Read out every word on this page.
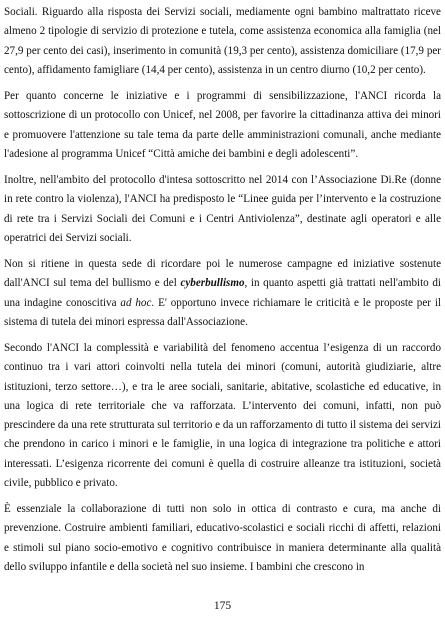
Sociali. Riguardo alla risposta dei Servizi sociali, mediamente ogni bambino maltrattato riceve almeno 2 tipologie di servizio di protezione e tutela, come assistenza economica alla famiglia (nel 27,9 per cento dei casi), inserimento in comunità (19,3 per cento), assistenza domiciliare (17,9 per cento), affidamento famigliare (14,4 per cento), assistenza in un centro diurno (10,2 per cento).

Per quanto concerne le iniziative e i programmi di sensibilizzazione, l'ANCI ricorda la sottoscrizione di un protocollo con Unicef, nel 2008, per favorire la cittadinanza attiva dei minori e promuovere l'attenzione su tale tema da parte delle amministrazioni comunali, anche mediante l'adesione al programma Unicef “Città amiche dei bambini e degli adolescenti”.

Inoltre, nell'ambito del protocollo d'intesa sottoscritto nel 2014 con l’Associazione Di.Re (donne in rete contro la violenza), l'ANCI ha predisposto le “Linee guida per l’intervento e la costruzione di rete tra i Servizi Sociali dei Comuni e i Centri Antiviolenza”, destinate agli operatori e alle operatrici dei Servizi sociali.

Non si ritiene in questa sede di ricordare poi le numerose campagne ed iniziative sostenute dall'ANCI sul tema del bullismo e del cyberbullismo, in quanto aspetti già trattati nell'ambito di una indagine conoscitiva ad hoc. E' opportuno invece richiamare le criticità e le proposte per il sistema di tutela dei minori espressa dall'Associazione.

Secondo l'ANCI la complessità e variabilità del fenomeno accentua l’esigenza di un raccordo continuo tra i vari attori coinvolti nella tutela dei minori (comuni, autorità giudiziarie, altre istituzioni, terzo settore…), e tra le aree sociali, sanitarie, abitative, scolastiche ed educative, in una logica di rete territoriale che va rafforzata. L’intervento dei comuni, infatti, non può prescindere da una rete strutturata sul territorio e da un rafforzamento di tutto il sistema dei servizi che prendono in carico i minori e le famiglie, in una logica di integrazione tra politiche e attori interessati. L’esigenza ricorrente dei comuni è quella di costruire alleanze tra istituzioni, società civile, pubblico e privato.

È essenziale la collaborazione di tutti non solo in ottica di contrasto e cura, ma anche di prevenzione. Costruire ambienti familiari, educativo-scolastici e sociali ricchi di affetti, relazioni e stimoli sul piano socio-emotivo e cognitivo contribuisce in maniera determinante alla qualità dello sviluppo infantile e della società nel suo insieme. I bambini che crescono in

175
